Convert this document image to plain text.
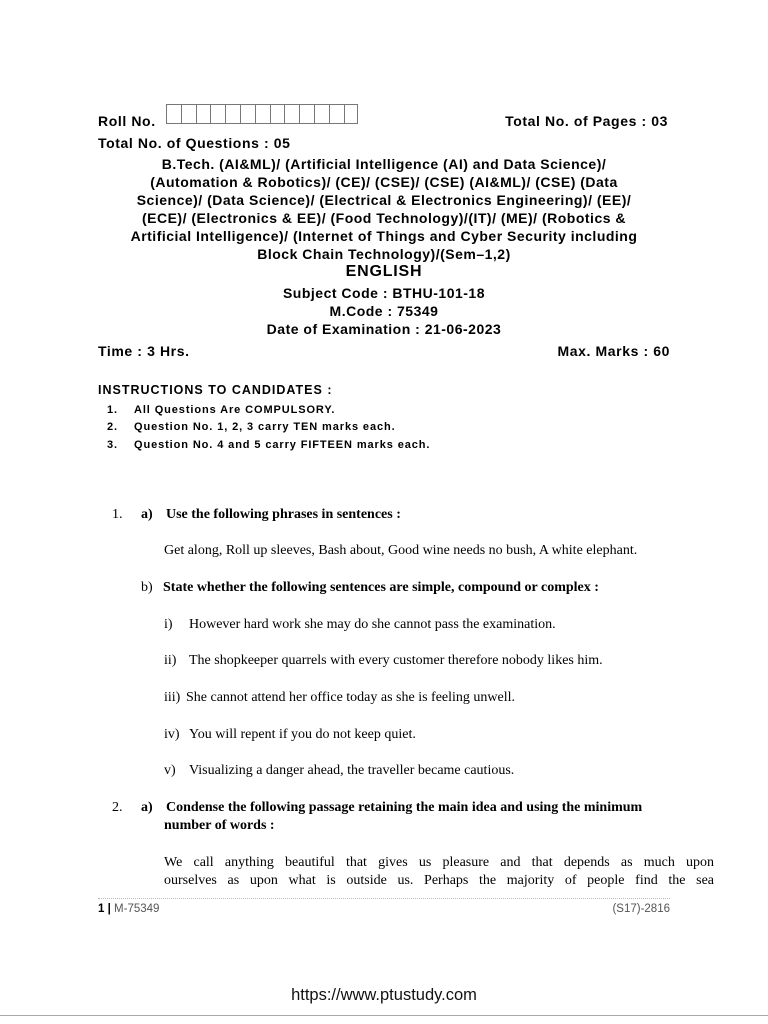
Roll No.	Total No. of Pages : 03
Total No. of Questions : 05
B.Tech. (AI&ML)/ (Artificial Intelligence (AI) and Data Science)/
(Automation & Robotics)/ (CE)/ (CSE)/ (CSE) (AI&ML)/ (CSE) (Data
Science)/ (Data Science)/ (Electrical & Electronics Engineering)/ (EE)/
(ECE)/ (Electronics & EE)/ (Food Technology)/(IT)/ (ME)/ (Robotics &
Artificial Intelligence)/ (Internet of Things and Cyber Security including
Block Chain Technology)/(Sem–1,2)
ENGLISH
Subject Code : BTHU-101-18
M.Code : 75349
Date of Examination : 21-06-2023
Time : 3 Hrs.	Max. Marks : 60
INSTRUCTIONS TO CANDIDATES :
1. All Questions Are COMPULSORY.
2. Question No. 1, 2, 3 carry TEN marks each.
3. Question No. 4 and 5 carry FIFTEEN marks each.
1. a) Use the following phrases in sentences :
Get along, Roll up sleeves, Bash about, Good wine needs no bush, A white elephant.
b) State whether the following sentences are simple, compound or complex :
i) However hard work she may do she cannot pass the examination.
ii) The shopkeeper quarrels with every customer therefore nobody likes him.
iii) She cannot attend her office today as she is feeling unwell.
iv) You will repent if you do not keep quiet.
v) Visualizing a danger ahead, the traveller became cautious.
2. a) Condense the following passage retaining the main idea and using the minimum
number of words :
We call anything beautiful that gives us pleasure and that depends as much upon
ourselves as upon what is outside us. Perhaps the majority of people find the sea
1 | M-75349	(S17)-2816
https://www.ptustudy.com
